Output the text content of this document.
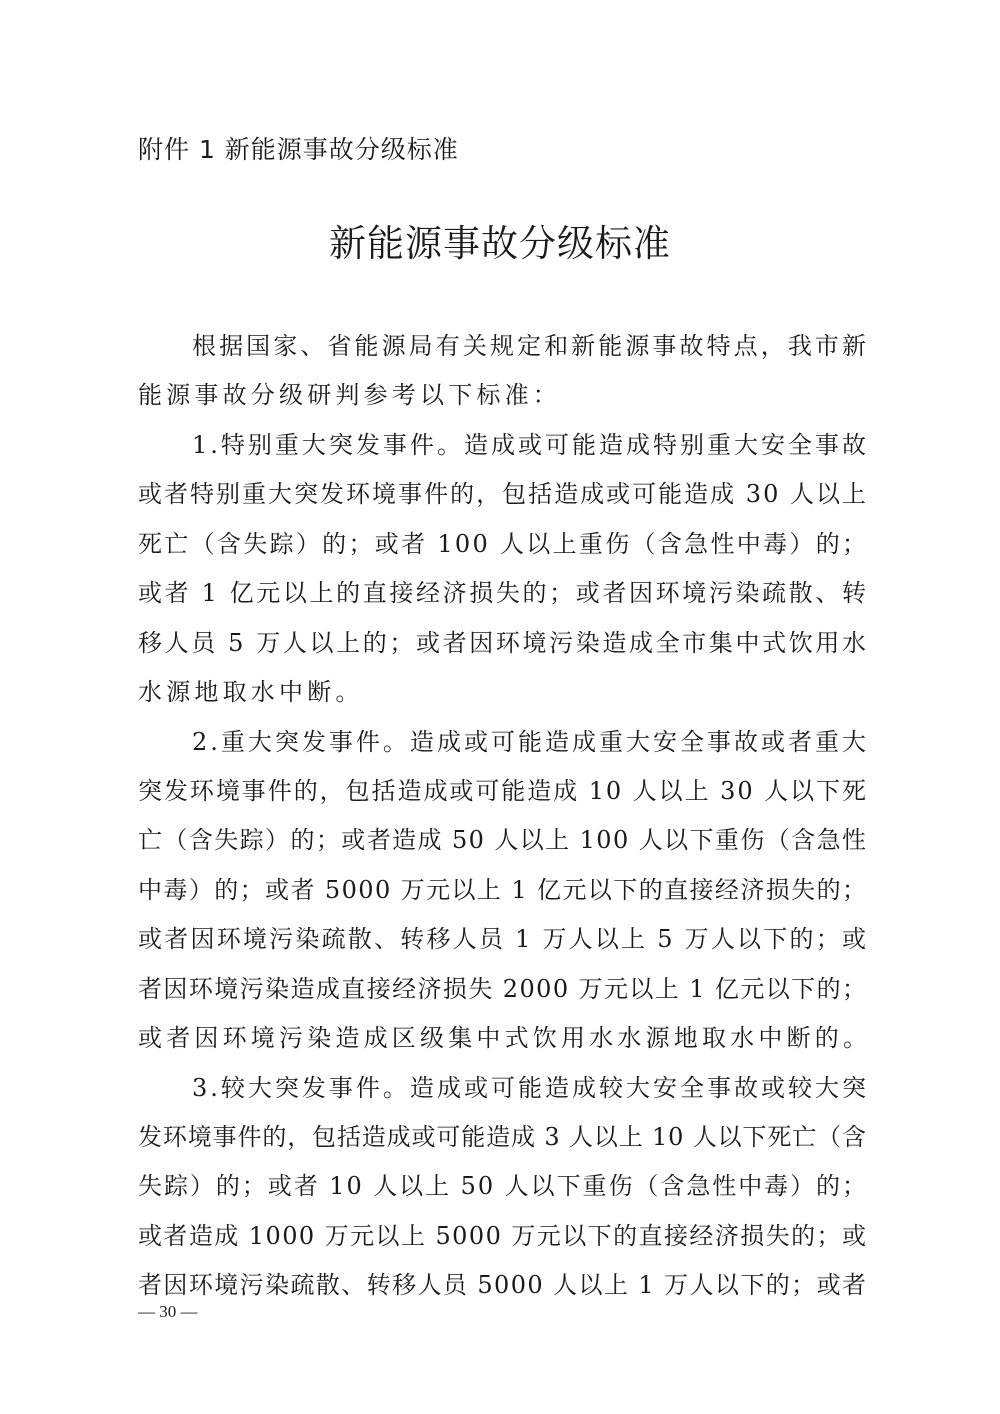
附件 1 新能源事故分级标准
新能源事故分级标准
根据国家、省能源局有关规定和新能源事故特点，我市新
能源事故分级研判参考以下标准：
1.特别重大突发事件。造成或可能造成特别重大安全事故
或者特别重大突发环境事件的，包括造成或可能造成 30 人以上
死亡（含失踪）的；或者 100 人以上重伤（含急性中毒）的；
或者 1 亿元以上的直接经济损失的；或者因环境污染疏散、转
移人员 5 万人以上的；或者因环境污染造成全市集中式饮用水
水源地取水中断。
2.重大突发事件。造成或可能造成重大安全事故或者重大
突发环境事件的，包括造成或可能造成 10 人以上 30 人以下死
亡（含失踪）的；或者造成 50 人以上 100 人以下重伤（含急性
中毒）的；或者 5000 万元以上 1 亿元以下的直接经济损失的；
或者因环境污染疏散、转移人员 1 万人以上 5 万人以下的；或
者因环境污染造成直接经济损失 2000 万元以上 1 亿元以下的；
或者因环境污染造成区级集中式饮用水水源地取水中断的。
3.较大突发事件。造成或可能造成较大安全事故或较大突
发环境事件的，包括造成或可能造成 3 人以上 10 人以下死亡（含
失踪）的；或者 10 人以上 50 人以下重伤（含急性中毒）的；
或者造成 1000 万元以上 5000 万元以下的直接经济损失的；或
者因环境污染疏散、转移人员 5000 人以上 1 万人以下的；或者
— 30 —
